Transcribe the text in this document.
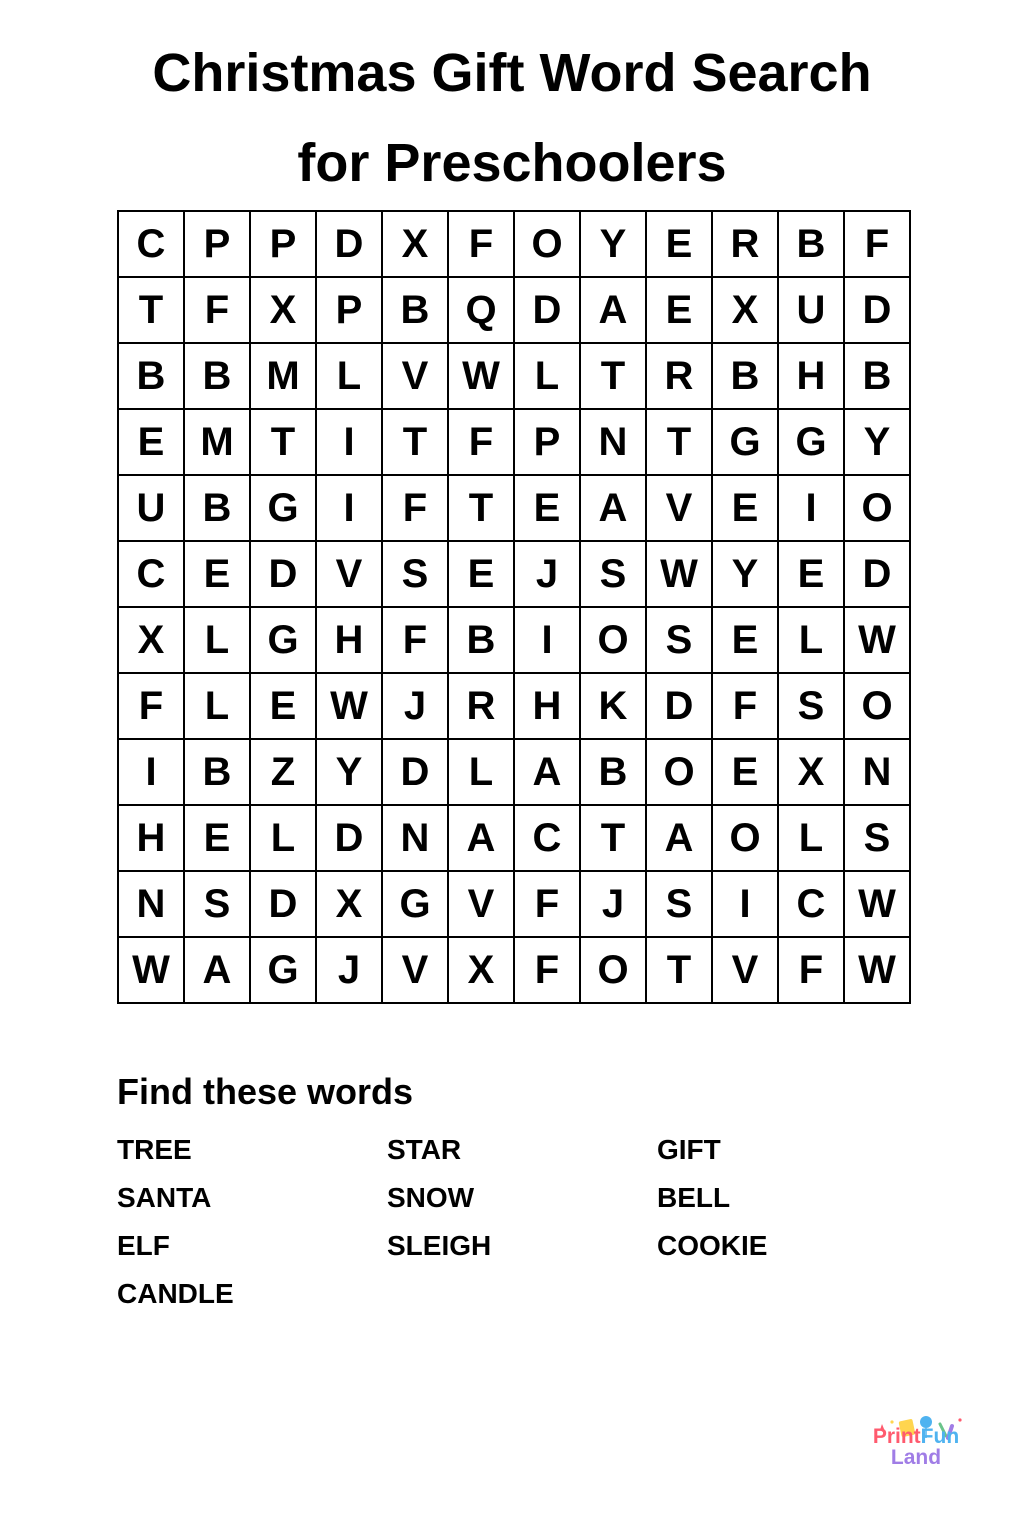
Christmas Gift Word Search
for Preschoolers
C P P D X	F O Y E R B F
T	F	X P B Q D A E X U D
B B M L	V W L	T R B H B
E M T	I	T	F	P N T G G Y
U B G	I	F	T	E A V E	I	O
C E D V S E	J	S W Y E D
X	L G H F B	I	O S E	L W
F	L	E W J	R H K D F	S O
I	B Z	Y D L A B O E X N
H E	L D N A C T A O L	S
N S D X G V	F	J	S	I	C W
W A G J	V X	F O T	V	F W
Find these words
TREE	STAR	GIFT
SANTA	SNOW	BELL
ELF	SLEIGH	COOKIE
CANDLE
PrintFun
Land
